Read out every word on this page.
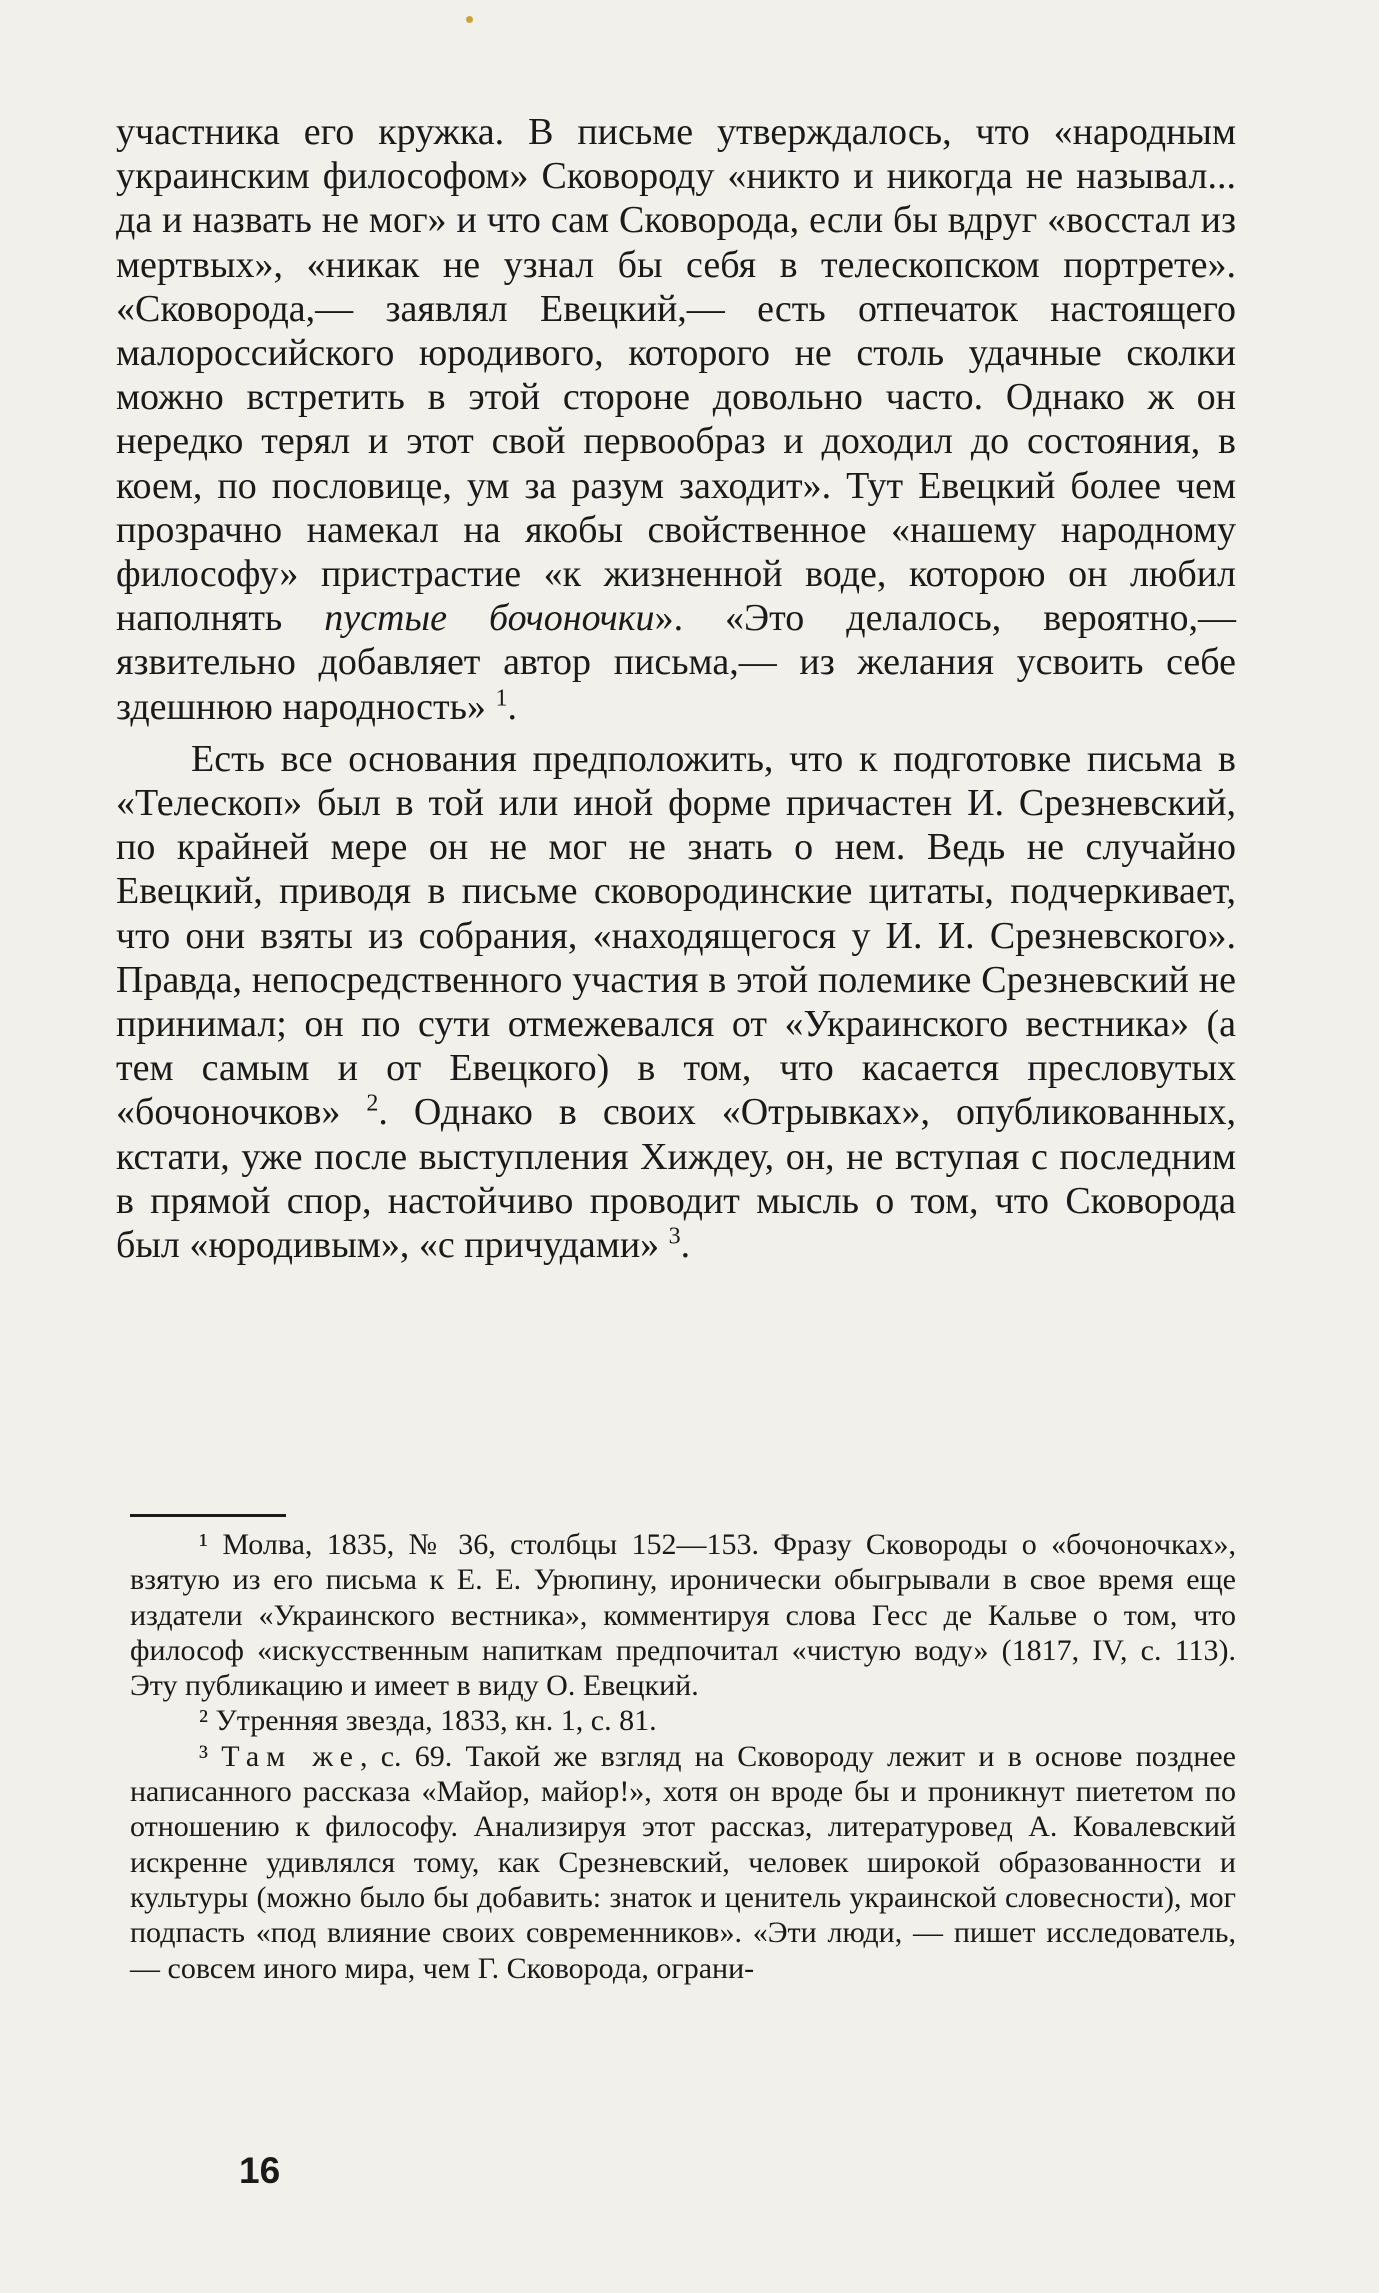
участника его кружка. В письме утверждалось, что «народным украинским философом» Сковороду «никто и никогда не называл... да и назвать не мог» и что сам Сковорода, если бы вдруг «восстал из мертвых», «никак не узнал бы себя в телескопском портрете». «Сковорода,— заявлял Евецкий,— есть отпечаток настоящего малороссийского юродивого, которого не столь удачные сколки можно встретить в этой стороне довольно часто. Однако ж он нередко терял и этот свой первообраз и доходил до состояния, в коем, по пословице, ум за разум заходит». Тут Евецкий более чем прозрачно намекал на якобы свойственное «нашему народному философу» пристрастие «к жизненной воде, которою он любил наполнять пустые бочоночки». «Это делалось, вероятно,— язвительно добавляет автор письма,— из желания усвоить себе здешнюю народность» $^1$.

Есть все основания предположить, что к подготовке письма в «Телескоп» был в той или иной форме причастен И. Срезневский, по крайней мере он не мог не знать о нем. Ведь не случайно Евецкий, приводя в письме сковородинские цитаты, подчеркивает, что они взяты из собрания, «находящегося у И. И. Срезневского». Правда, непосредственного участия в этой полемике Срезневский не принимал; он по сути отмежевался от «Украинского вестника» (а тем самым и от Евецкого) в том, что касается пресловутых «бочоночков» $^2$. Однако в своих «Отрывках», опубликованных, кстати, уже после выступления Хиждеу, он, не вступая с последним в прямой спор, настойчиво проводит мысль о том, что Сковорода был «юродивым», «с причудами» $^3$.

¹ Молва, 1835, № 36, столбцы 152—153. Фразу Сковороды о «бочоночках», взятую из его письма к Е. Е. Урюпину, иронически обыгрывали в свое время еще издатели «Украинского вестника», комментируя слова Гесс де Кальве о том, что философ «искусственным напиткам предпочитал «чистую воду» (1817, IV, с. 113). Эту публикацию и имеет в виду О. Евецкий.

² Утренняя звезда, 1833, кн. 1, с. 81.

³ Там же, с. 69. Такой же взгляд на Сковороду лежит и в основе позднее написанного рассказа «Майор, майор!», хотя он вроде бы и проникнут пиететом по отношению к философу. Анализируя этот рассказ, литературовед А. Ковалевский искренне удивлялся тому, как Срезневский, человек широкой образованности и культуры (можно было бы добавить: знаток и ценитель украинской словесности), мог подпасть «под влияние своих современников». «Эти люди, — пишет исследователь, — совсем иного мира, чем Г. Сковорода, ограни-

16
